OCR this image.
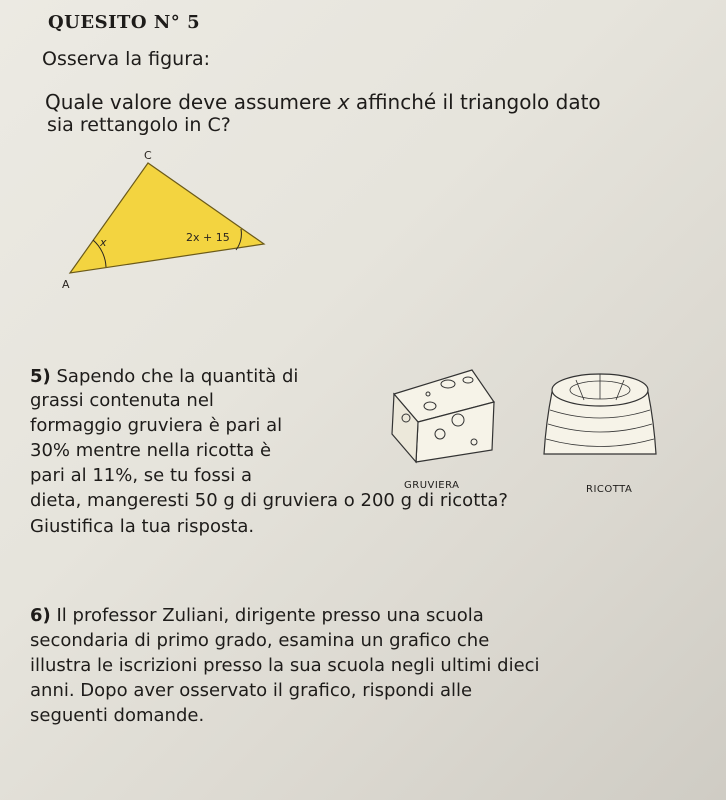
QUESITO N° 5
Osserva la figura:
Quale valore deve assumere x affinché il triangolo dato
sia rettangolo in C?
C
A
x	2x + 15
5) Sapendo che la quantità di
grassi contenuta nel
formaggio gruviera è pari al
30% mentre nella ricotta è
pari al 11%, se tu fossi a
dieta, mangeresti 50 g di gruviera o 200 g di ricotta?
Giustifica la tua risposta.
GRUVIERA	RICOTTA
6) Il professor Zuliani, dirigente presso una scuola
secondaria di primo grado, esamina un grafico che
illustra le iscrizioni presso la sua scuola negli ultimi dieci
anni. Dopo aver osservato il grafico, rispondi alle
seguenti domande.
